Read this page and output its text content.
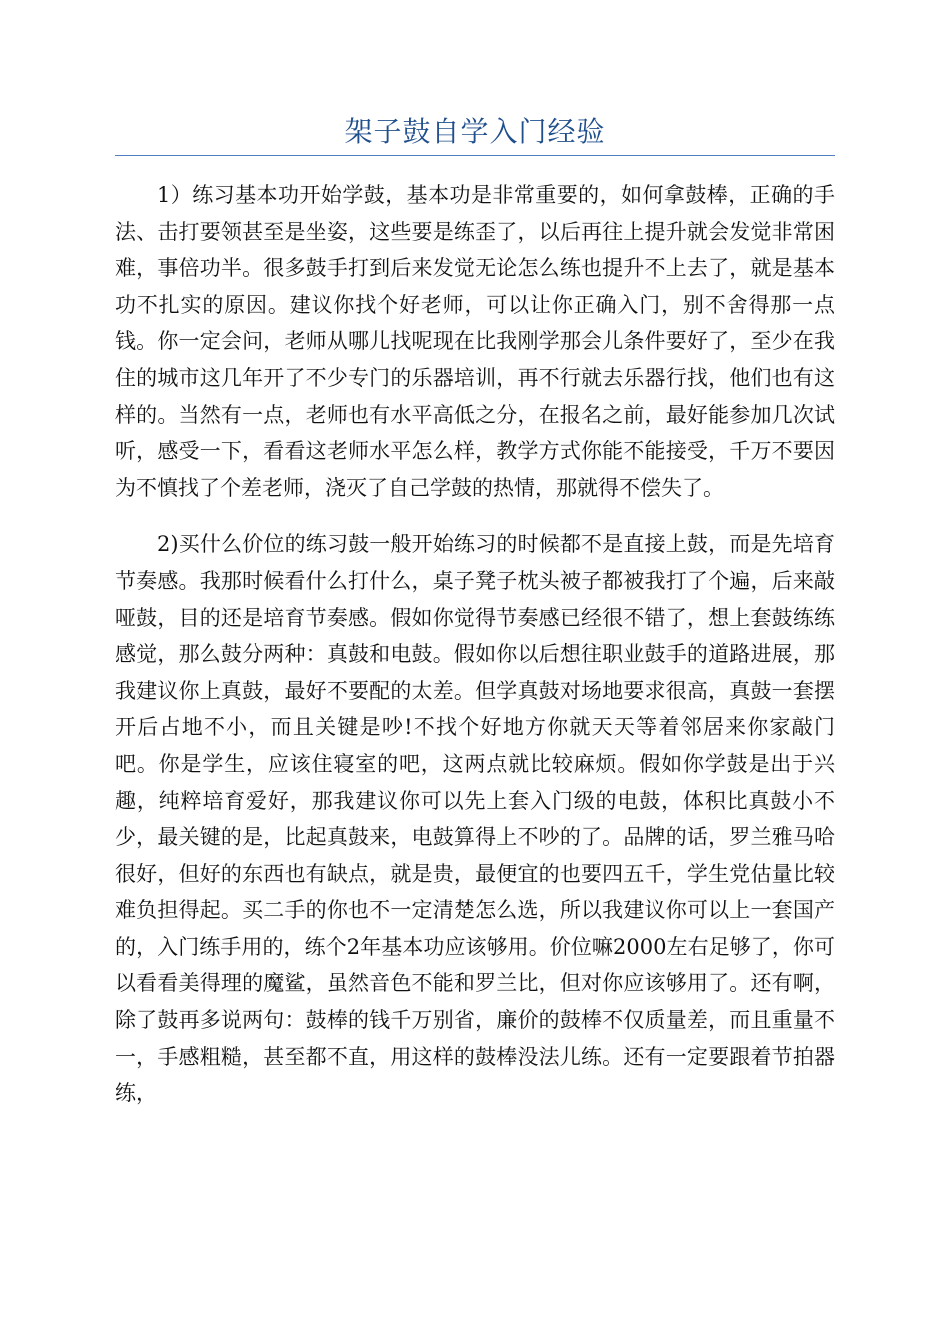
架子鼓自学入门经验

1）练习基本功开始学鼓，基本功是非常重要的，如何拿鼓棒，正确的手法、击打要领甚至是坐姿，这些要是练歪了，以后再往上提升就会发觉非常困难，事倍功半。很多鼓手打到后来发觉无论怎么练也提升不上去了，就是基本功不扎实的原因。建议你找个好老师，可以让你正确入门，别不舍得那一点钱。你一定会问，老师从哪儿找呢现在比我刚学那会儿条件要好了，至少在我住的城市这几年开了不少专门的乐器培训，再不行就去乐器行找，他们也有这样的。当然有一点，老师也有水平高低之分，在报名之前，最好能参加几次试听，感受一下，看看这老师水平怎么样，教学方式你能不能接受，千万不要因为不慎找了个差老师，浇灭了自己学鼓的热情，那就得不偿失了。

2)买什么价位的练习鼓一般开始练习的时候都不是直接上鼓，而是先培育节奏感。我那时候看什么打什么，桌子凳子枕头被子都被我打了个遍，后来敲哑鼓，目的还是培育节奏感。假如你觉得节奏感已经很不错了，想上套鼓练练感觉，那么鼓分两种：真鼓和电鼓。假如你以后想往职业鼓手的道路进展，那我建议你上真鼓，最好不要配的太差。但学真鼓对场地要求很高，真鼓一套摆开后占地不小，而且关键是吵!不找个好地方你就天天等着邻居来你家敲门吧。你是学生，应该住寝室的吧，这两点就比较麻烦。假如你学鼓是出于兴趣，纯粹培育爱好，那我建议你可以先上套入门级的电鼓，体积比真鼓小不少，最关键的是，比起真鼓来，电鼓算得上不吵的了。品牌的话，罗兰雅马哈很好，但好的东西也有缺点，就是贵，最便宜的也要四五千，学生党估量比较难负担得起。买二手的你也不一定清楚怎么选，所以我建议你可以上一套国产的，入门练手用的，练个2年基本功应该够用。价位嘛2000左右足够了，你可以看看美得理的魔鲨，虽然音色不能和罗兰比，但对你应该够用了。还有啊，除了鼓再多说两句：鼓棒的钱千万别省，廉价的鼓棒不仅质量差，而且重量不一，手感粗糙，甚至都不直，用这样的鼓棒没法儿练。还有一定要跟着节拍器练，
